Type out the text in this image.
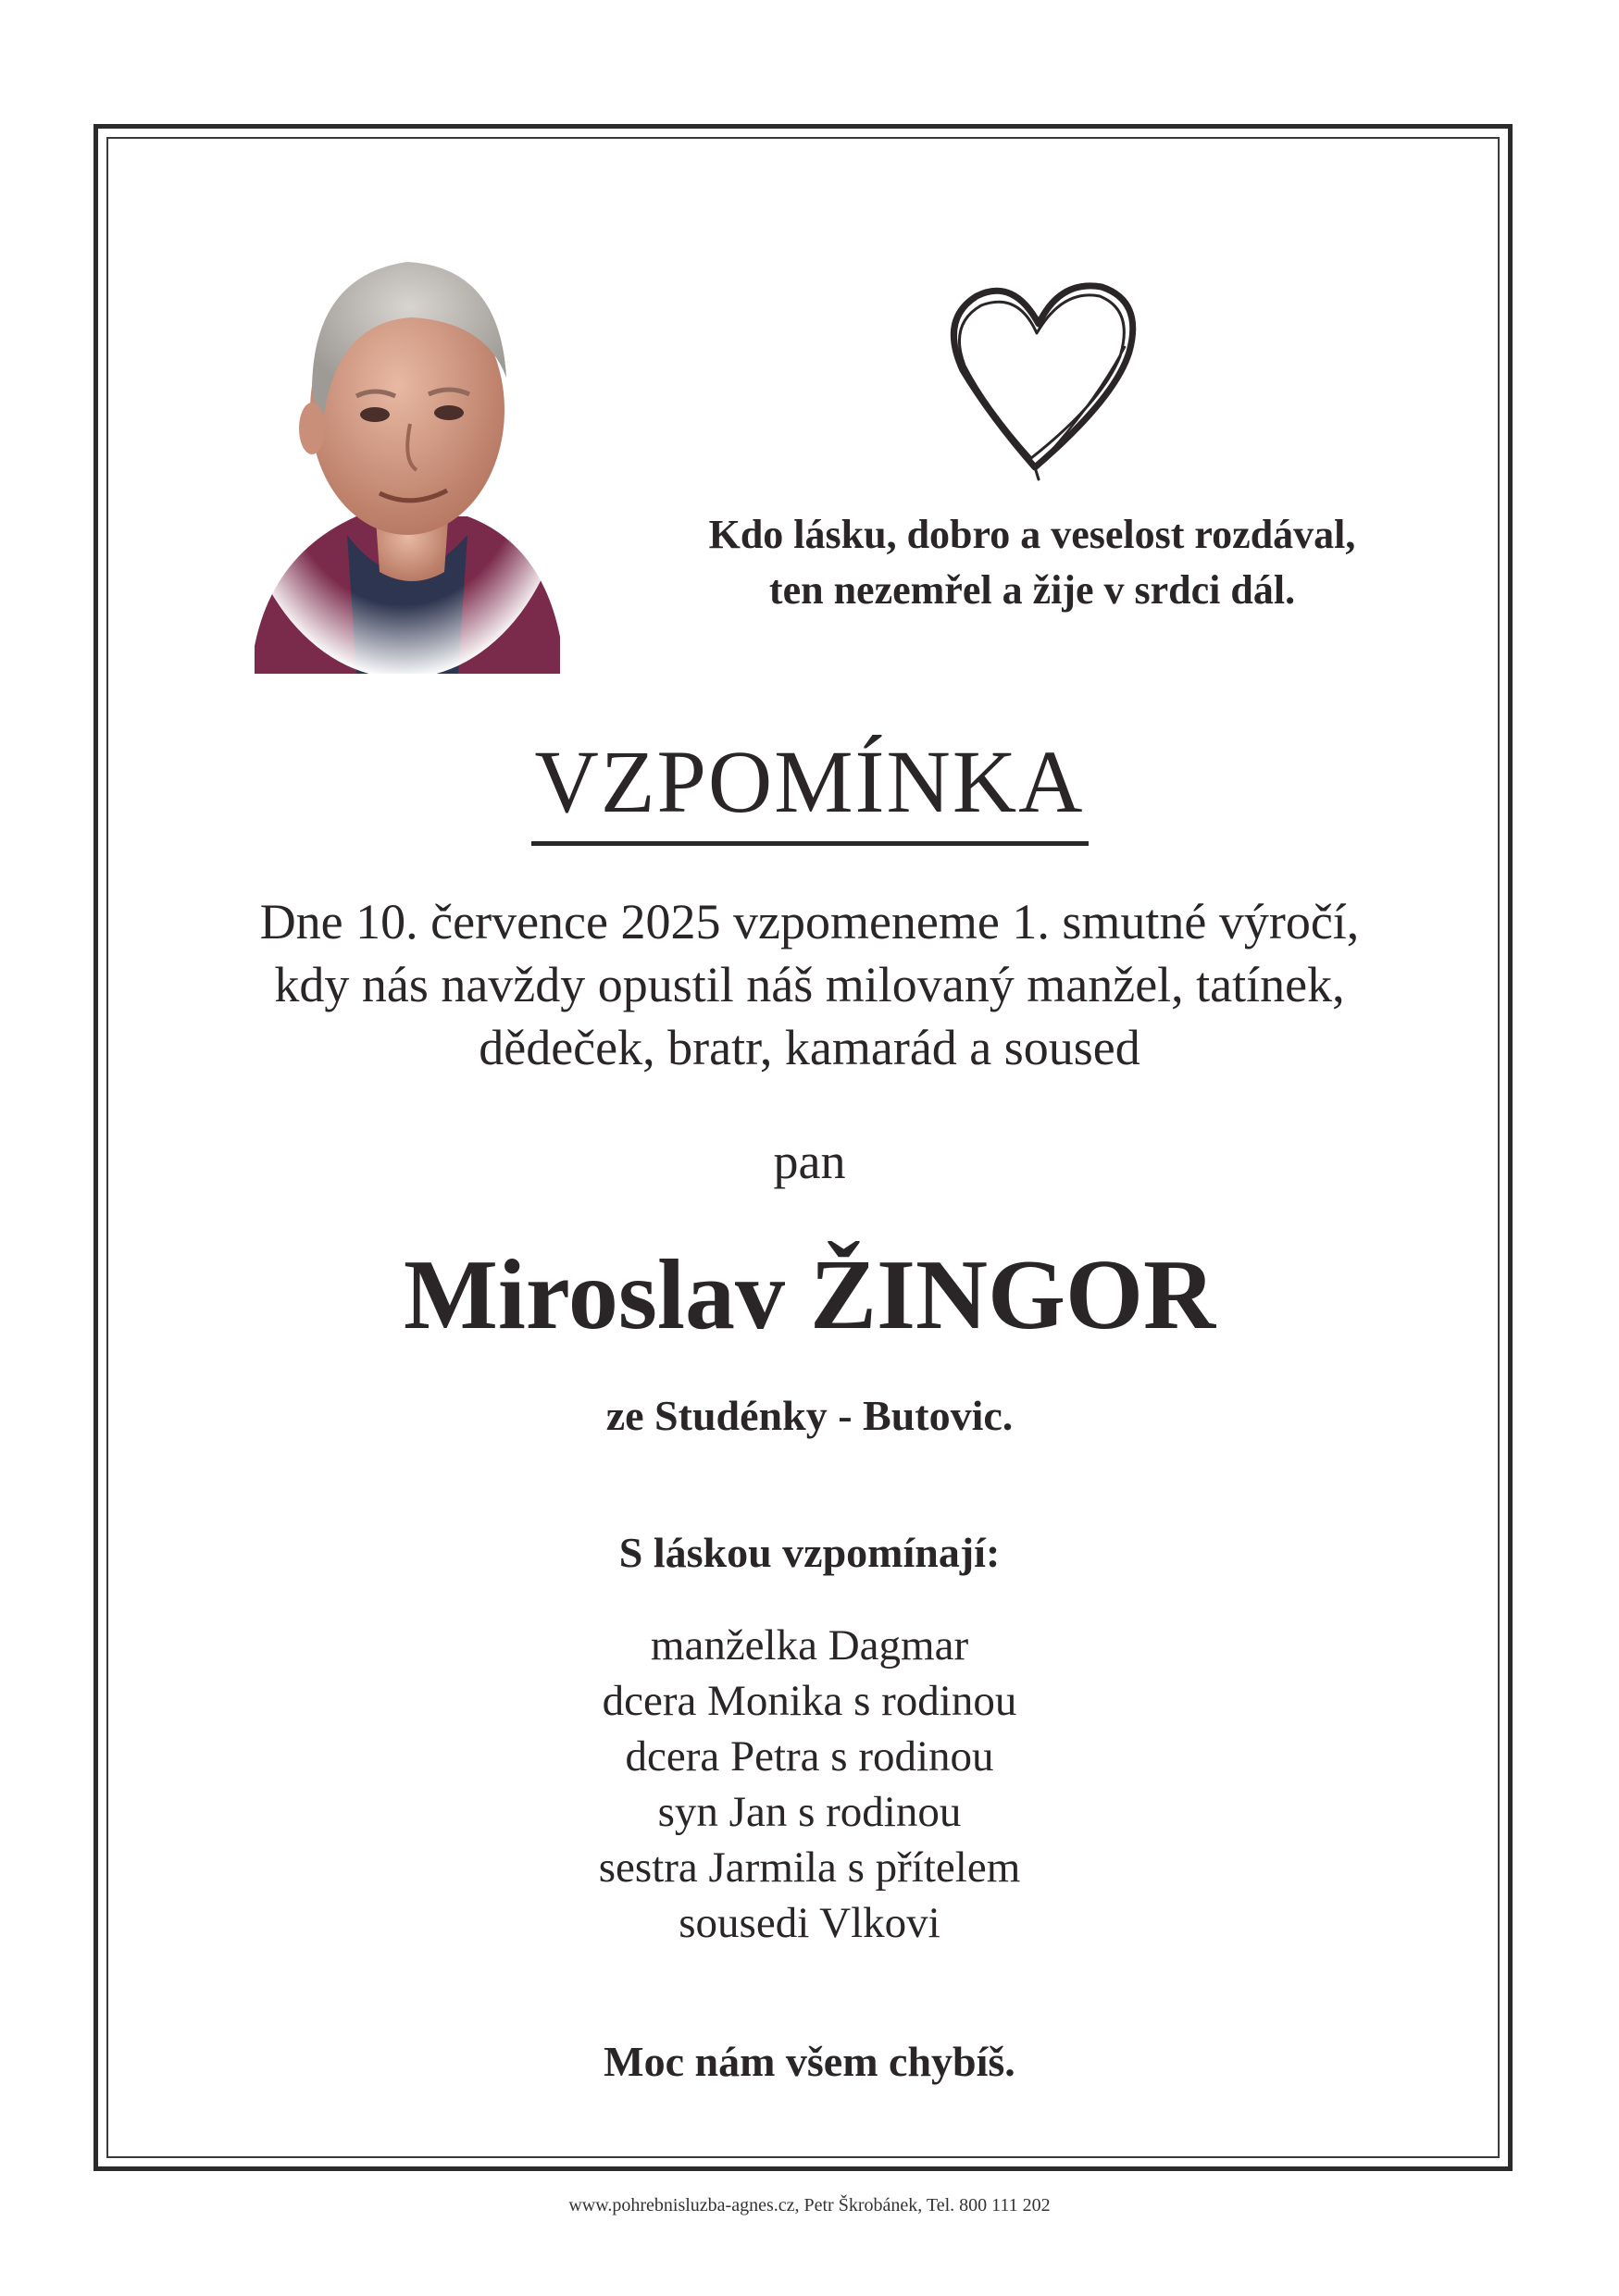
Kdo lásku, dobro a veselost rozdával,
ten nezemřel a žije v srdci dál.
VZPOMÍNKA
Dne 10. července 2025 vzpomeneme 1. smutné výročí,
kdy nás navždy opustil náš milovaný manžel, tatínek,
dědeček, bratr, kamarád a soused
pan
Miroslav ŽINGOR
ze Studénky - Butovic.
S láskou vzpomínají:
manželka Dagmar
dcera Monika s rodinou
dcera Petra s rodinou
syn Jan s rodinou
sestra Jarmila s přítelem
sousedi Vlkovi
Moc nám všem chybíš.
www.pohrebnisluzba-agnes.cz, Petr Škrobánek, Tel. 800 111 202
